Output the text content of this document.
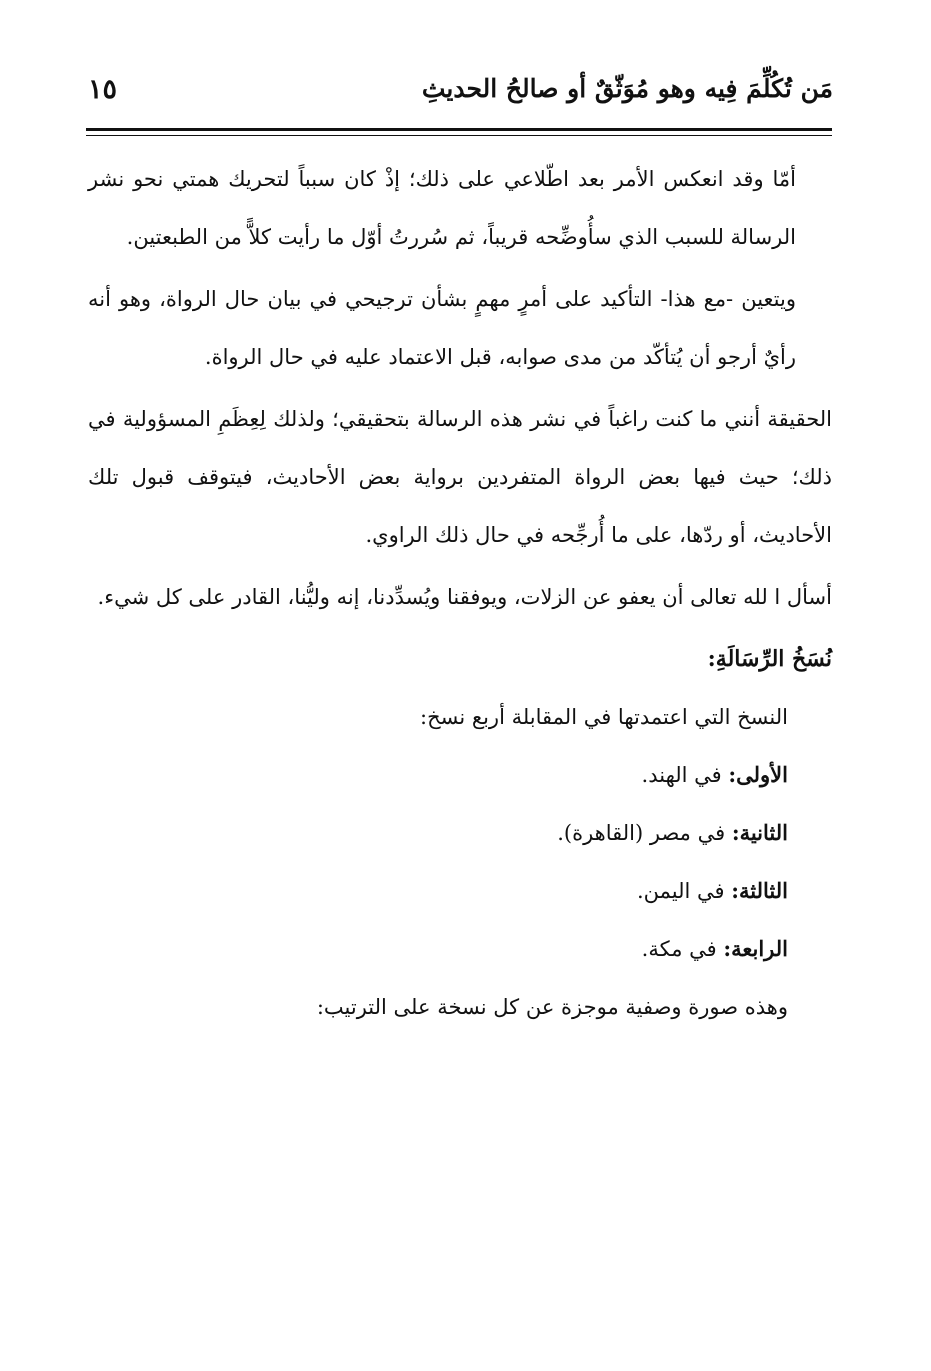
مَن تُكُلِّمَ فِيه وهو مُوَثّقٌ أو صالحُ الحديثِ
١٥

أمّا وقد انعكس الأمر بعد اطّلاعي على ذلك؛ إذْ كان سبباً لتحريك همتي نحو نشر الرسالة للسبب الذي سأُوضِّحه قريباً، ثم سُررتُ أوّل ما رأيت كلاًّ من الطبعتين.

ويتعين -مع هذا- التأكيد على أمرٍ مهمٍ بشأن ترجيحي في بيان حال الرواة، وهو أنه رأيٌ أرجو أن يُتأكّد من مدى صوابه، قبل الاعتماد عليه في حال الرواة.

الحقيقة أنني ما كنت راغباً في نشر هذه الرسالة بتحقيقي؛ ولذلك لِعِظَمِ المسؤولية في ذلك؛ حيث فيها بعض الرواة المتفردين برواية بعض الأحاديث، فيتوقف قبول تلك الأحاديث، أو ردّها، على ما أُرجِّحه في حال ذلك الراوي.

أسأل ا لله تعالى أن يعفو عن الزلات، ويوفقنا ويُسدِّدنا، إنه وليُّنا، القادر على كل شيء.

نُسَخُ الرِّسَالَةِ:

النسخ التي اعتمدتها في المقابلة أربع نسخ:

الأولى: في الهند.

الثانية: في مصر (القاهرة).

الثالثة: في اليمن.

الرابعة: في مكة.

وهذه صورة وصفية موجزة عن كل نسخة على الترتيب:
